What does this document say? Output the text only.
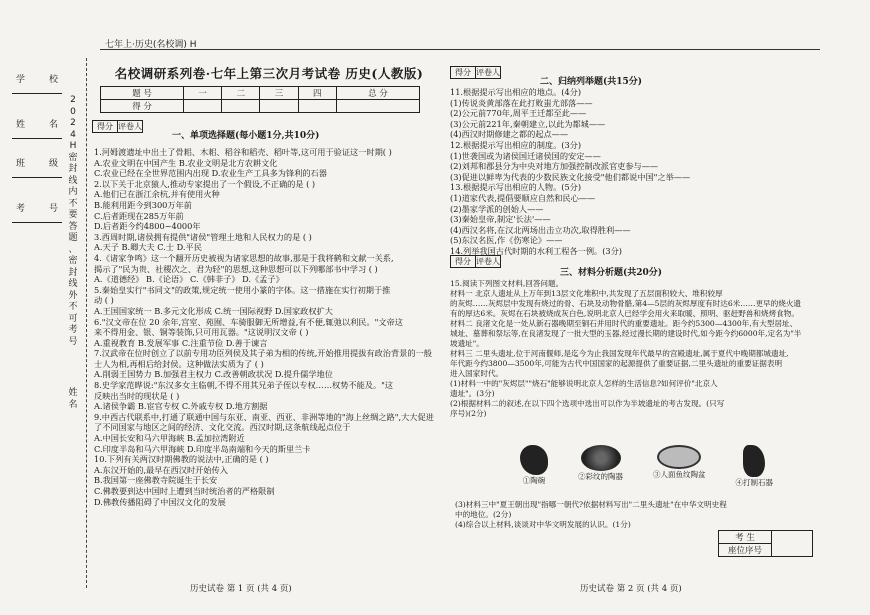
七年上·历史(名校调) H
学	校
姓	名
班	级
考	号
2
0
2
4
H
密
封
线
内
不
要
答
题
、
密
封
线
外
不
可
考
号
姓
名
名校调研系列卷·七年上第三次月考试卷 历史(人教版)
题 号	一	二	三	四	总 分
得 分					
得分 评卷人
一、单项选择题(每小题1分,共10分)
1.河姆渡遗址中出土了骨耜、木耜、稻谷和稻壳、稻叶等,这可用于验证这一时期( )
A.农业文明在中国产生 B.农业文明是北方农耕文化
C.农业已经在全世界范围内出现 D.农业生产工具多为锋利的石器
2.以下关于北京猿人,推动专家提出了一个假设,不正确的是 ( )
A.他们已在浙江余杭,并有使用火种
B.能利用距今到300万年前
C.后者距现在285万年前
D.后者距今约4800~4000年
3.西周时期,诸侯拥有提供"诸侯"管理土地和人民权力的是 ( )
A.天子 B.卿大夫 C.士 D.平民
4.《诸家争鸣》这一个翻开历史被视为诸家思想的故事,那是于我将鹤和文献一关系,
揭示了"民为贵、社稷次之、君为轻"的思想,这种思想可以下列哪部书中学习 ( )
A.《道德经》 B.《论语》 C.《韩非子》 D.《孟子》
5.秦始皇实行"书同文"的政策,规定统一使用小篆的字体。这一措施在实行初期于推
动 ( )
A.王国国家统一 B.多元文化形成 C.统一国际视野 D.国家政权扩大
6."汉文帝在位 20 余年,宫室、苑囿、车骑服御无所增益,有不便,辄弛以利民。"文帝这
来不得用金、银、铜等装饰,只可用瓦器。"这说明汉文帝 ( )
A.重视教育 B.发展军事 C.注重节俭 D.善于谏言
7.汉武帝在位时创立了以前专用功臣列侯及其子弟为相的传统,开始推用提拔有政治背景的一般
士人为相,再相后给封侯。这种做法实质为了 ( )
A.削弱王国势力 B.加强君主权力 C.改善朝政状况 D.提升儒学地位
8.史学家范晔说:"东汉多女主临朝,不得不用其兄弟子侄以专权……权势不能及。"这
反映出当时的现状是 ( )
A.诸侯争霸 B.宦官专权 C.外戚专权 D.地方割据
9.中西古代联系中,打通了联通中国与东亚、南亚、西亚、非洲等地的"海上丝绸之路",大大促进
了不同国家与地区之间的经济、文化交流。西汉时期,这条航线起点位于
A.中国长安和马六甲海峡 B.孟加拉湾附近
C.印度半岛和马六甲海峡 D.印度半岛南端和今天的斯里兰卡
10.下列有关两汉时期佛教的说法中,正确的是 ( )
A.东汉开始的,最早在西汉时开始传入
B.我国第一座佛教寺院诞生于长安
C.佛教要到达中国时上遭到当时统治者的严格限制
D.佛教传播阻碍了中国汉文化的发展
历史试卷 第 1 页 (共 4 页)
得分 评卷人
二、归纳列举题(共15分)
11.根据提示写出相应的地点。(4分)
(1)传说炎黄部落在此打败蚩尤部落——
(2)公元前770年,周平王迁都至此——
(3)公元前221年,秦朝建立,以此为都城——
(4)西汉时期修建之都的起点——
12.根据提示写出相应的制度。(3分)
(1)世袭国或为诸侯国迁诸侯国的安定——
(2)刘邦和郡县分为中央对地方加强控制改派官吏参与——
(3)促进以鲜卑为代表的少数民族文化接受"他们都说中国"之举——
13.根据提示写出相应的人物。(5分)
(1)道家代表,提倡要顺应自然和民心——
(2)墨家学派的创始人——
(3)秦始皇帝,制定'长法'——
(4)西汉名将,在汉北两场出击立功次,取得胜利——
(5)东汉名医,作《伤寒论》——
14.列举我国古代时期的水利工程各一例。(3分)
得分 评卷人
三、材料分析题(共20分)
15.阅读下列图文材料,回答问题。
材料一 北京人遗址从上万年到13层文化堆积中,共发现了五层面积较大、堆积较厚
的灰烬……灰烬层中发现有烧过的骨、石块及动物骨骼,第4—5层的灰烬厚度有时达6米……更早的烧火遗
有的厚达6米。灰烬在石块被烧成灰白色,说明北京人已经学会用火来取暖、照明、驱赶野兽和烧烤食物。
材料二 良渚文化是一处从新石器晚期至铜石并用时代的重要遗址。距今约5300—4300年,有大型居址、
城址、墓葬和祭坛等,在良渚发现了一批大型的玉器,经过漫长期的建设时代,如今距今约6000年,定名为"半
坡遗址"。
材料三 二里头遗址,位于河南偃师,是迄今为止我国发现年代最早的宫殿遗址,属于夏代中晚期都城遗址,
年代距今约3800—3500年,可能为古代中国国家的起源提供了重要证据,二里头遗址的重要证据表明
进入国家时代。
(1)材料一中的"灰烬层""烧石"能够说明北京人怎样的生活信息?如何评价"北京人
遗址"。(3分)
(2)根据材料二的叙述,在以下四个选项中选出可以作为半坡遗址的考古发现。(只写
序号)(2分)
①陶碗	②彩纹的陶器	③人面鱼纹陶盆
④打制石器
(3)材料三中"夏王朝出现"指哪一朝代?依据材料写出"二里头遗址"在中华文明史程
中的地位。(2分)
(4)综合以上材料,谈谈对中华文明发展的认识。(1分)
考 生	
座位序号
历史试卷 第 2 页 (共 4 页)
